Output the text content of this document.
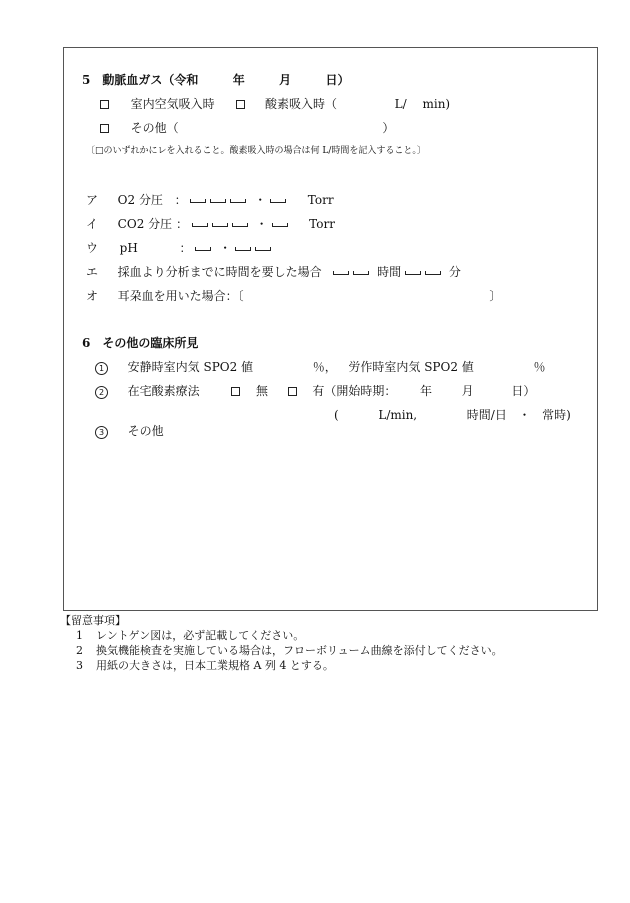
5　動脈血ガス（令和	年	月	日）
室内空気吸入時	酸素吸入時（	L/　 min)
その他（	）
〔□のいずれかにレを入れること。酸素吸入時の場合は何 L/時間を記入すること。〕
ア O2 分圧 ：	・	Torr
イ CO2 分圧 ：	・	Torr
ウ pH	： ・
エ 採血より分析までに時間を要した場合	時間	分
オ 耳朶血を用いた場合：〔	〕
6　その他の臨床所見
1 安静時室内気 SPO2 値	％， 労作時室内気 SPO2 値	％
2 在宅酸素療法	無	有（開始時期： 年 月	日）
(	L/min,	時間/日 ・ 常時)
3 その他
【留意事項】
1 レントゲン図は，必ず記載してください。
2 換気機能検査を実施している場合は，フローボリューム曲線を添付してください。
3 用紙の大きさは，日本工業規格 A 列 4 とする。
